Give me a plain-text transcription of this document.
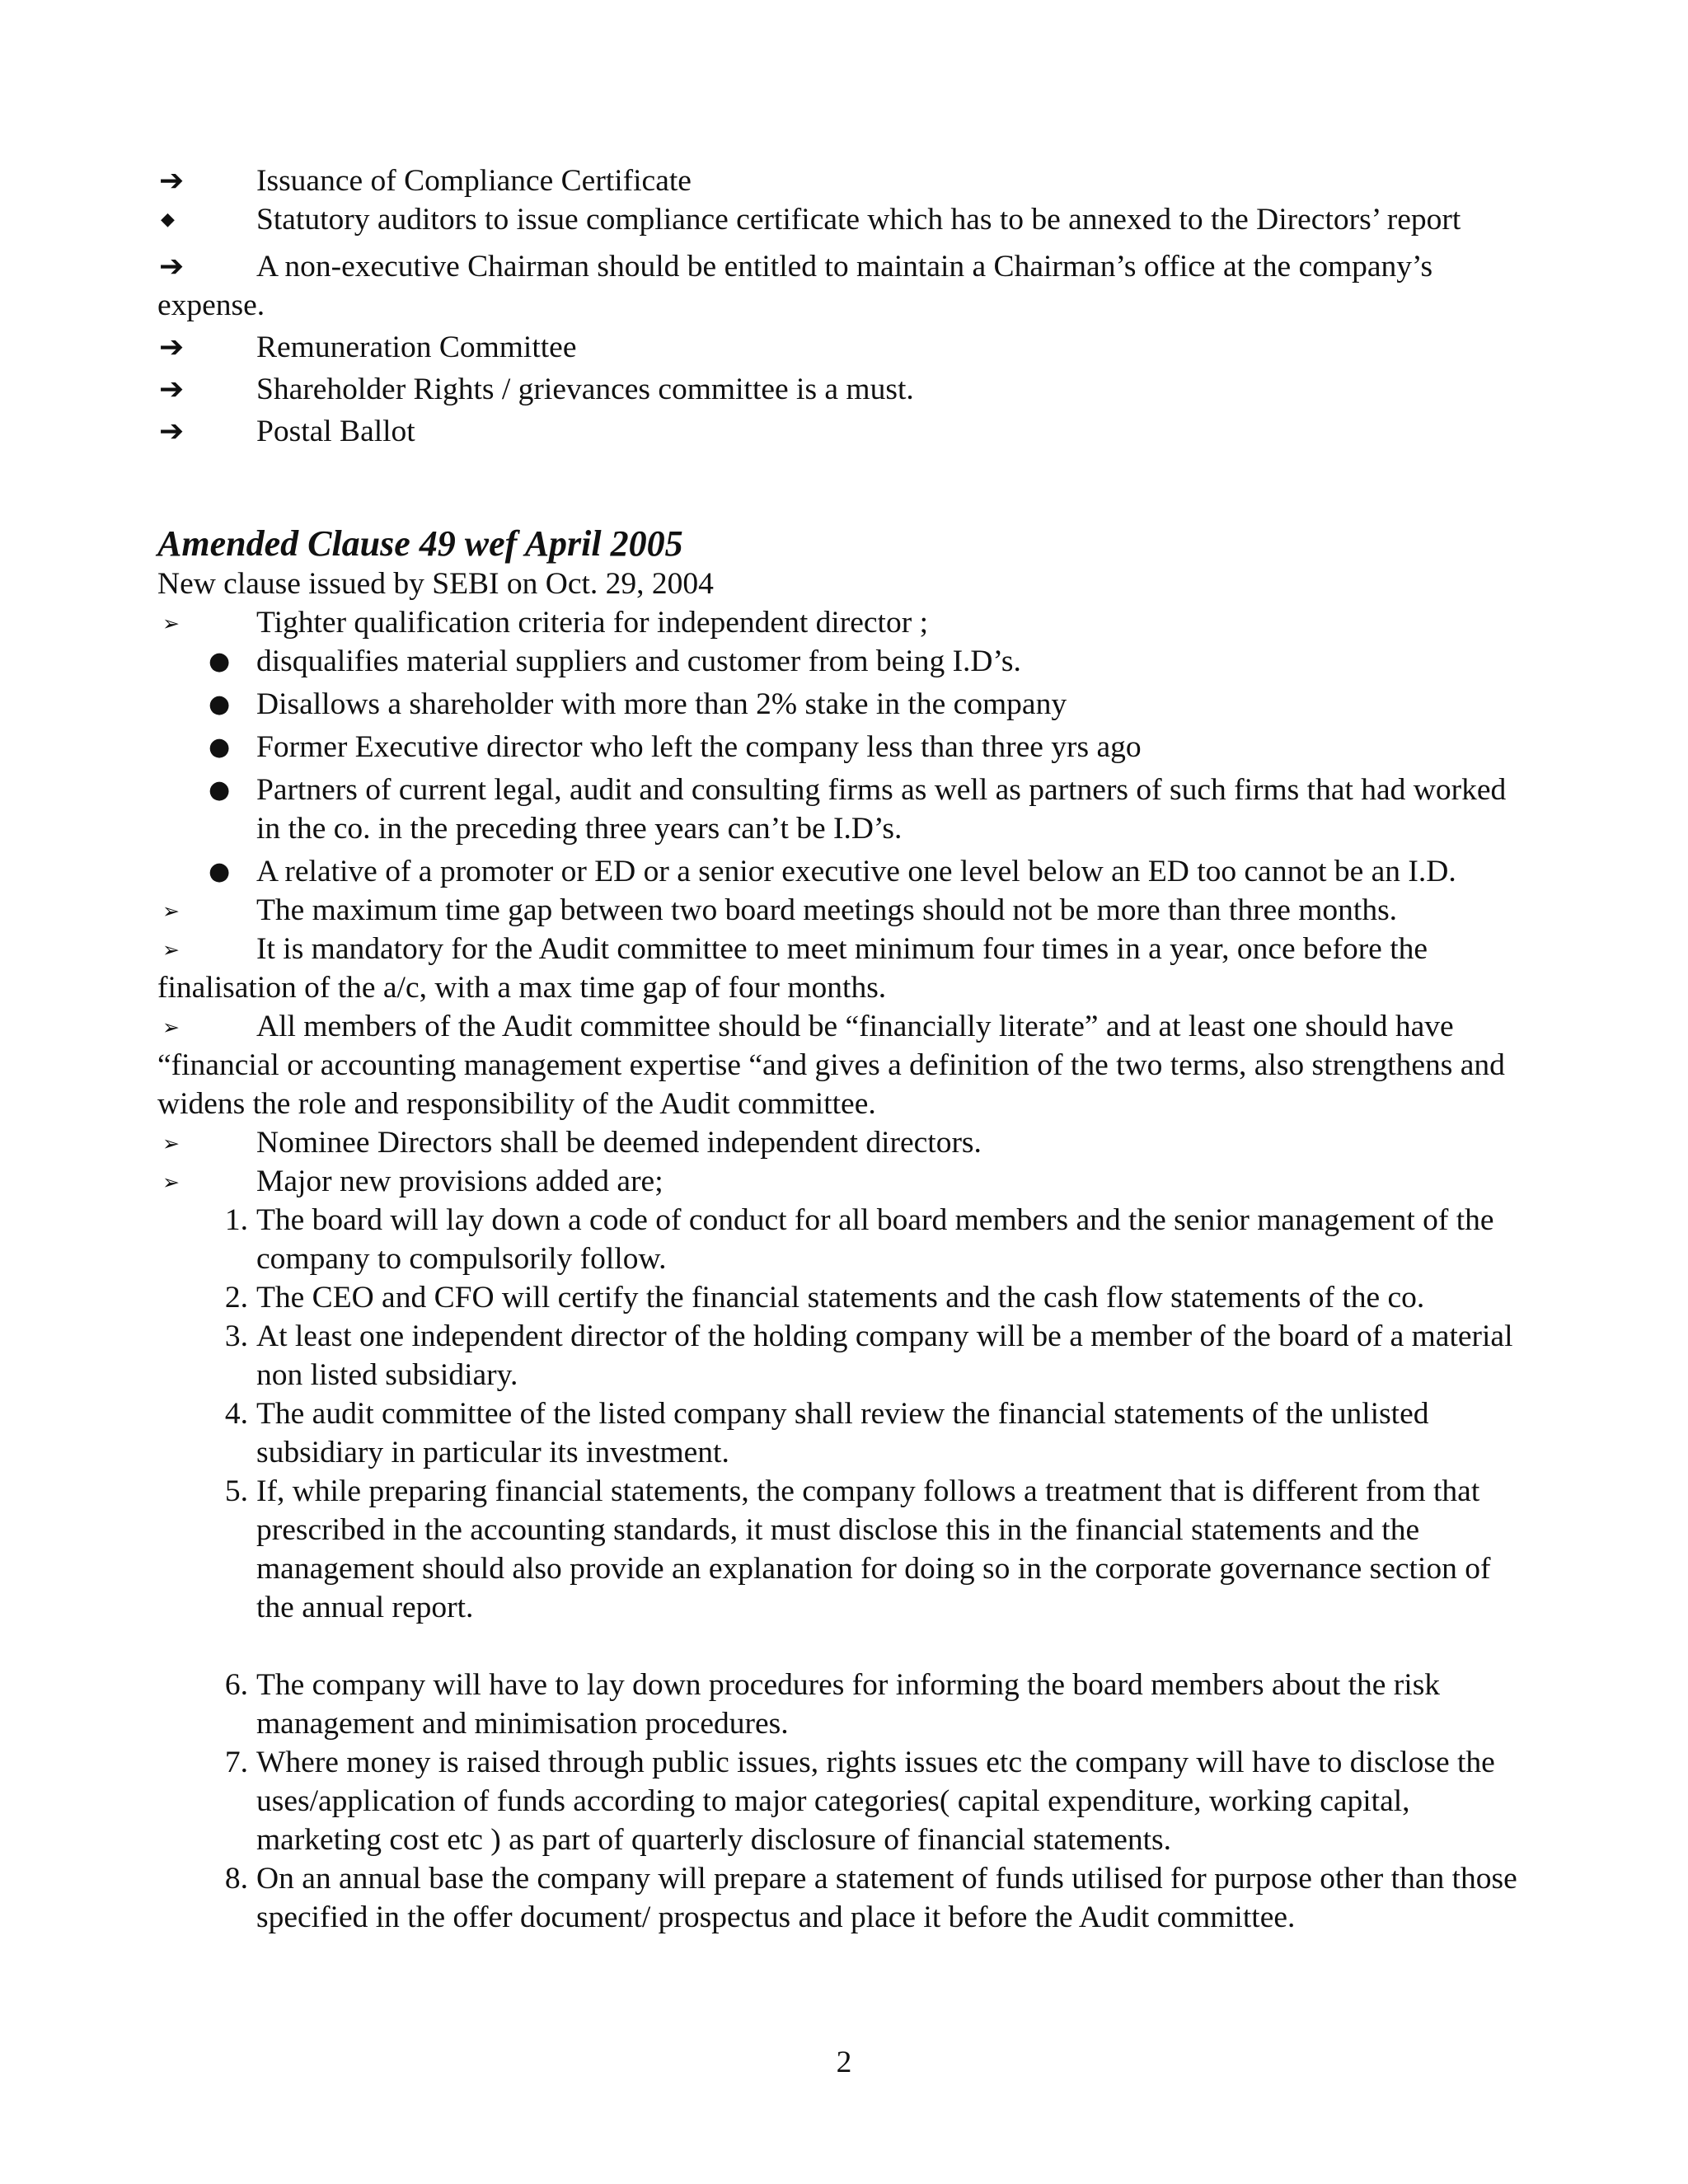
➔ Issuance of Compliance Certificate
◆	Statutory auditors to issue compliance certificate which has to be annexed to the Directors’ report
➔ A non-executive Chairman should be entitled to maintain a Chairman’s office at the company’s expense.
➔ Remuneration Committee
➔ Shareholder Rights / grievances committee is a must.
➔ Postal Ballot
Amended Clause 49 wef April 2005
New clause issued by SEBI on Oct. 29, 2004
➢ Tighter qualification criteria for independent director ;
● disqualifies material suppliers and customer from being I.D’s.
● Disallows a shareholder with more than 2% stake in the company
● Former Executive director who left the company less than three yrs ago
● Partners of current legal, audit and consulting firms as well as partners of such firms that had worked in the co. in the preceding three years can’t be I.D’s.
● A relative of a promoter or ED or a senior executive one level below an ED too cannot be an I.D.
➢ The maximum time gap between two board meetings should not be more than three months.
➢ It is mandatory for the Audit committee to meet minimum four times in a year, once before the finalisation of the a/c, with a max time gap of four months.
➢ All members of the Audit committee should be “financially literate” and at least one should have “financial or accounting management expertise “and gives a definition of the two terms, also strengthens and widens the role and responsibility of the Audit committee.
➢ Nominee Directors shall be deemed independent directors.
➢ Major new provisions added are;
1. The board will lay down a code of conduct for all board members and the senior management of the company to compulsorily follow.
2. The CEO and CFO will certify the financial statements and the cash flow statements of the co.
3. At least one independent director of the holding company will be a member of the board of a material non listed subsidiary.
4. The audit committee of the listed company shall review the financial statements of the unlisted subsidiary in particular its investment.
5. If, while preparing financial statements, the company follows a treatment that is different from that prescribed in the accounting standards, it must disclose this in the financial statements and the management should also provide an explanation for doing so in the corporate governance section of the annual report.
6. The company will have to lay down procedures for informing the board members about the risk management and minimisation procedures.
7. Where money is raised through public issues, rights issues etc the company will have to disclose the uses/application of funds according to major categories( capital expenditure, working capital, marketing cost etc ) as part of quarterly disclosure of financial statements.
8. On an annual base the company will prepare a statement of funds utilised for purpose other than those specified in the offer document/ prospectus and place it before the Audit committee.
2
